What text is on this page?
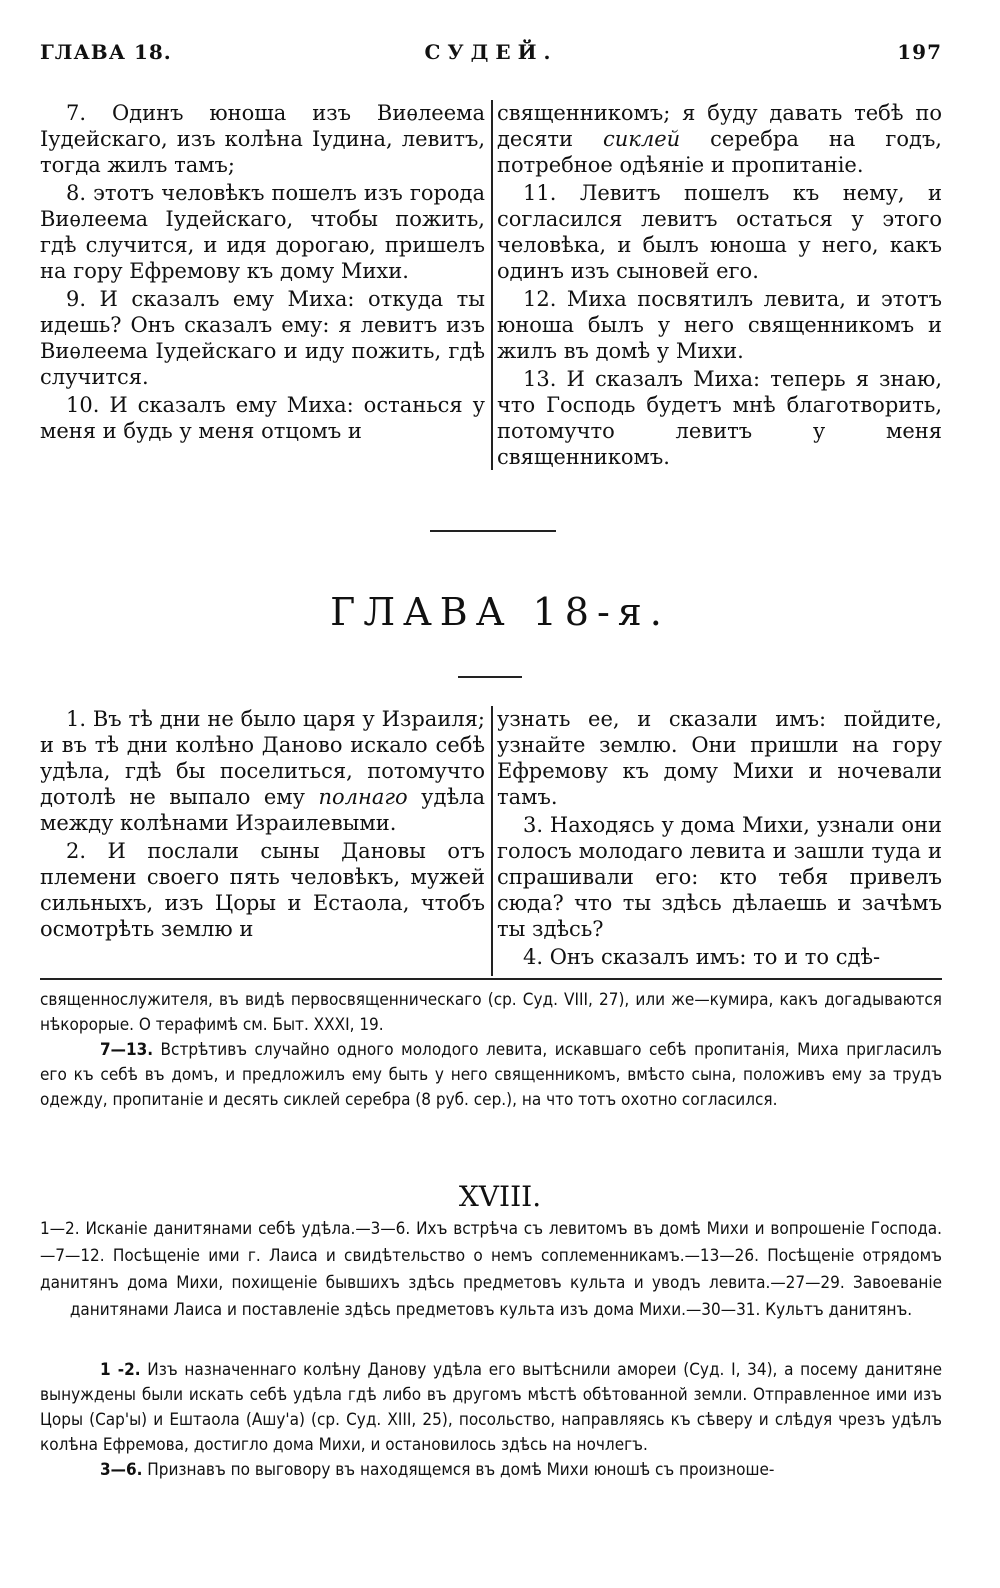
ГЛАВА 18.	СУДЕЙ.	197

7. Одинъ юноша изъ Виѳлеема Іудейскаго, изъ колѣна Іудина, левитъ, тогда жилъ тамъ;

8. этотъ человѣкъ пошелъ изъ города Виѳлеема Іудейскаго, чтобы пожить, гдѣ случится, и идя дорогаю, пришелъ на гору Ефремову къ дому Михи.

9. И сказалъ ему Миха: откуда ты идешь? Онъ сказалъ ему: я левитъ изъ Виѳлеема Іудейскаго и иду пожить, гдѣ случится.

10. И сказалъ ему Миха: останься у меня и будь у меня отцомъ и

священникомъ; я буду давать тебѣ по десяти сиклей серебра на годъ, потребное одѣяніе и пропитаніе.

11. Левитъ пошелъ къ нему, и согласился левитъ остаться у этого человѣка, и былъ юноша у него, какъ одинъ изъ сыновей его.

12. Миха посвятилъ левита, и этотъ юноша былъ у него священникомъ и жилъ въ домѣ у Михи.

13. И сказалъ Миха: теперь я знаю, что Господь будетъ мнѣ благотворить, потомучто левитъ у меня священникомъ.

ГЛАВА 18-я.

1. Въ тѣ дни не было царя у Израиля; и въ тѣ дни колѣно Даново искало себѣ удѣла, гдѣ бы поселиться, потомучто дотолѣ не выпало ему полнаго удѣла между колѣнами Израилевыми.

2. И послали сыны Дановы отъ племени своего пять человѣкъ, мужей сильныхъ, изъ Цоры и Естаола, чтобъ осмотрѣть землю и

узнать ее, и сказали имъ: пойдите, узнайте землю. Они пришли на гору Ефремову къ дому Михи и ночевали тамъ.

3. Находясь у дома Михи, узнали они голосъ молодаго левита и зашли туда и спрашивали его: кто тебя привелъ сюда? что ты здѣсь дѣлаешь и зачѣмъ ты здѣсь?

4. Онъ сказалъ имъ: то и то сдѣ-

священнослужителя, въ видѣ первосвященническаго (ср. Суд. VIII, 27), или же—кумира, какъ догадываются нѣкорорые. О терафимѣ см. Быт. XXXI, 19.

7—13. Встрѣтивъ случайно одного молодого левита, искавшаго себѣ пропитанія, Миха пригласилъ его къ себѣ въ домъ, и предложилъ ему быть у него священникомъ, вмѣсто сына, положивъ ему за трудъ одежду, пропитаніе и десять сиклей серебра (8 руб. сер.), на что тотъ охотно согласился.

XVIII.

1—2. Исканіе данитянами себѣ удѣла.—3—6. Ихъ встрѣча съ левитомъ въ домѣ Михи и вопрошеніе Господа.—7—12. Посѣщеніе ими г. Лаиса и свидѣтельство о немъ соплеменникамъ.—13—26. Посѣщеніе отрядомъ данитянъ дома Михи, похищеніе бывшихъ здѣсь предметовъ культа и уводъ левита.—27—29. Завоеваніе данитянами Лаиса и поставленіе здѣсь предметовъ культа изъ дома Михи.—30—31. Культъ данитянъ.

1 -2. Изъ назначеннаго колѣну Данову удѣла его вытѣснили амореи (Суд. I, 34), а посему данитяне вынуждены были искать себѣ удѣла гдѣ либо въ другомъ мѣстѣ обѣтованной земли. Отправленное ими изъ Цоры (Сар'ы) и Ештаола (Ашу'а) (ср. Суд. XIII, 25), посольство, направляясь къ сѣверу и слѣдуя чрезъ удѣлъ колѣна Ефремова, достигло дома Михи, и остановилось здѣсь на ночлегъ.

3—6. Признавъ по выговору въ находящемся въ домѣ Михи юношѣ съ произноше-
